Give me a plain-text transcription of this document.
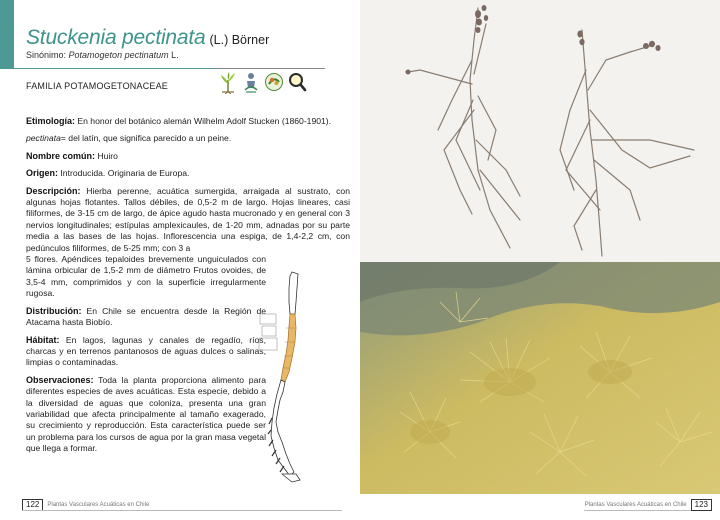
Stuckenia pectinata (L.) Börner
Sinónimo: Potamogeton pectinatum L.
FAMILIA POTAMOGETONACEAE

Etimología: En honor del botánico alemán Wilhelm Adolf Stucken (1860-1901).

pectinata= del latín, que significa parecido a un peine.

Nombre común: Huiro

Origen: Introducida. Originaria de Europa.

Descripción: Hierba perenne, acuática sumergida, arraigada al sustrato, con algunas hojas flotantes. Tallos débiles, de 0,5-2 m de largo. Hojas lineares, casi filiformes, de 3-15 cm de largo, de ápice agudo hasta mucronado y en general con 3 nervios longitudinales; estípulas amplexicaules, de 1-20 mm, adnadas por su parte media a las bases de las hojas. Inflorescencia una espiga, de 1,4-2,2 cm, con pedúnculos filiformes, de 5-25 mm; con 3 a

5 flores. Apéndices tepaloides brevemente unguiculados con lámina orbicular de 1,5-2 mm de diámetro Frutos ovoides, de 3,5-4 mm, comprimidos y con la superficie irregularmente rugosa.

Distribución: En Chile se encuentra desde la Región de Atacama hasta Biobío.

Hábitat: En lagos, lagunas y canales de regadío, ríos, charcas y en terrenos pantanosos de aguas dulces o salinas, limpias o contaminadas.

Observaciones: Toda la planta proporciona alimento para diferentes especies de aves acuáticas. Esta especie, debido a la diversidad de aguas que coloniza, presenta una gran variabilidad que afecta principalmente al tamaño exagerado, su crecimiento y reproducción. Esta característica puede ser un problema para los cursos de agua por la gran masa vegetal que llega a formar.

122	Plantas Vasculares Acuáticas en Chile	Plantas Vasculares Acuáticas en Chile	123
